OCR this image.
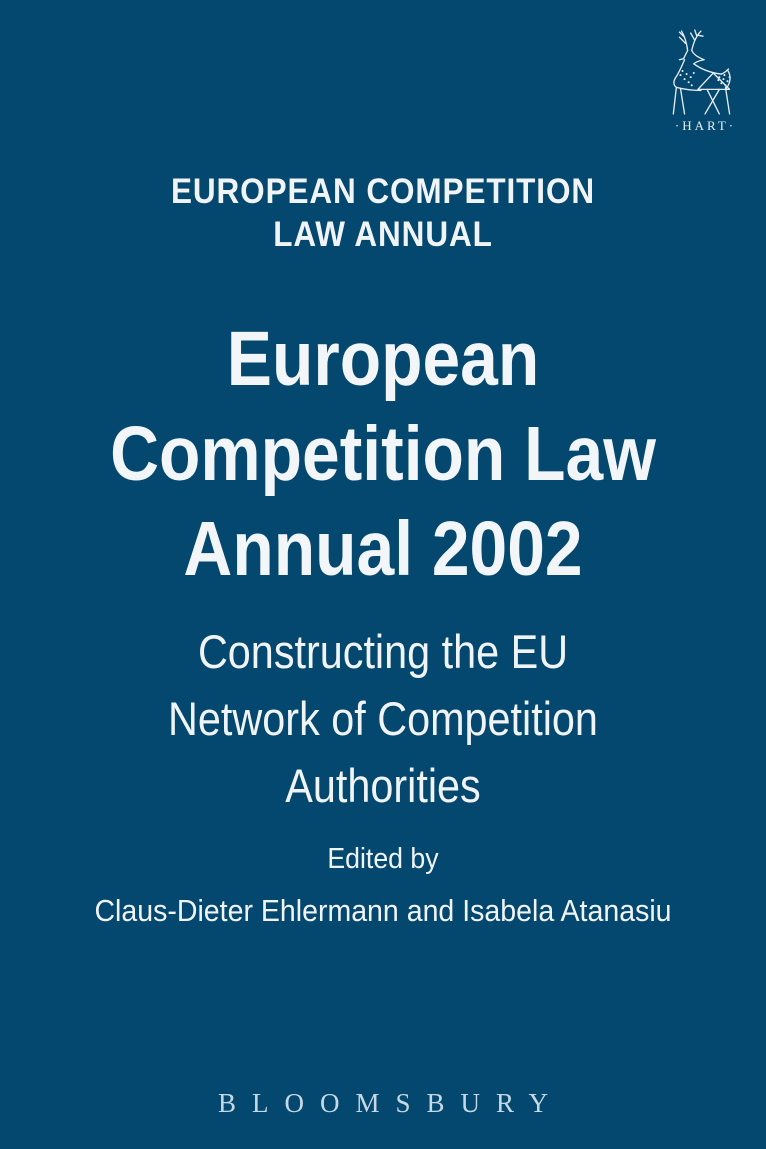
·HART·
EUROPEAN COMPETITION
LAW ANNUAL
European
Competition Law
Annual 2002
Constructing the EU
Network of Competition
Authorities
Edited by
Claus-Dieter Ehlermann and Isabela Atanasiu
BLOOMSBURY
